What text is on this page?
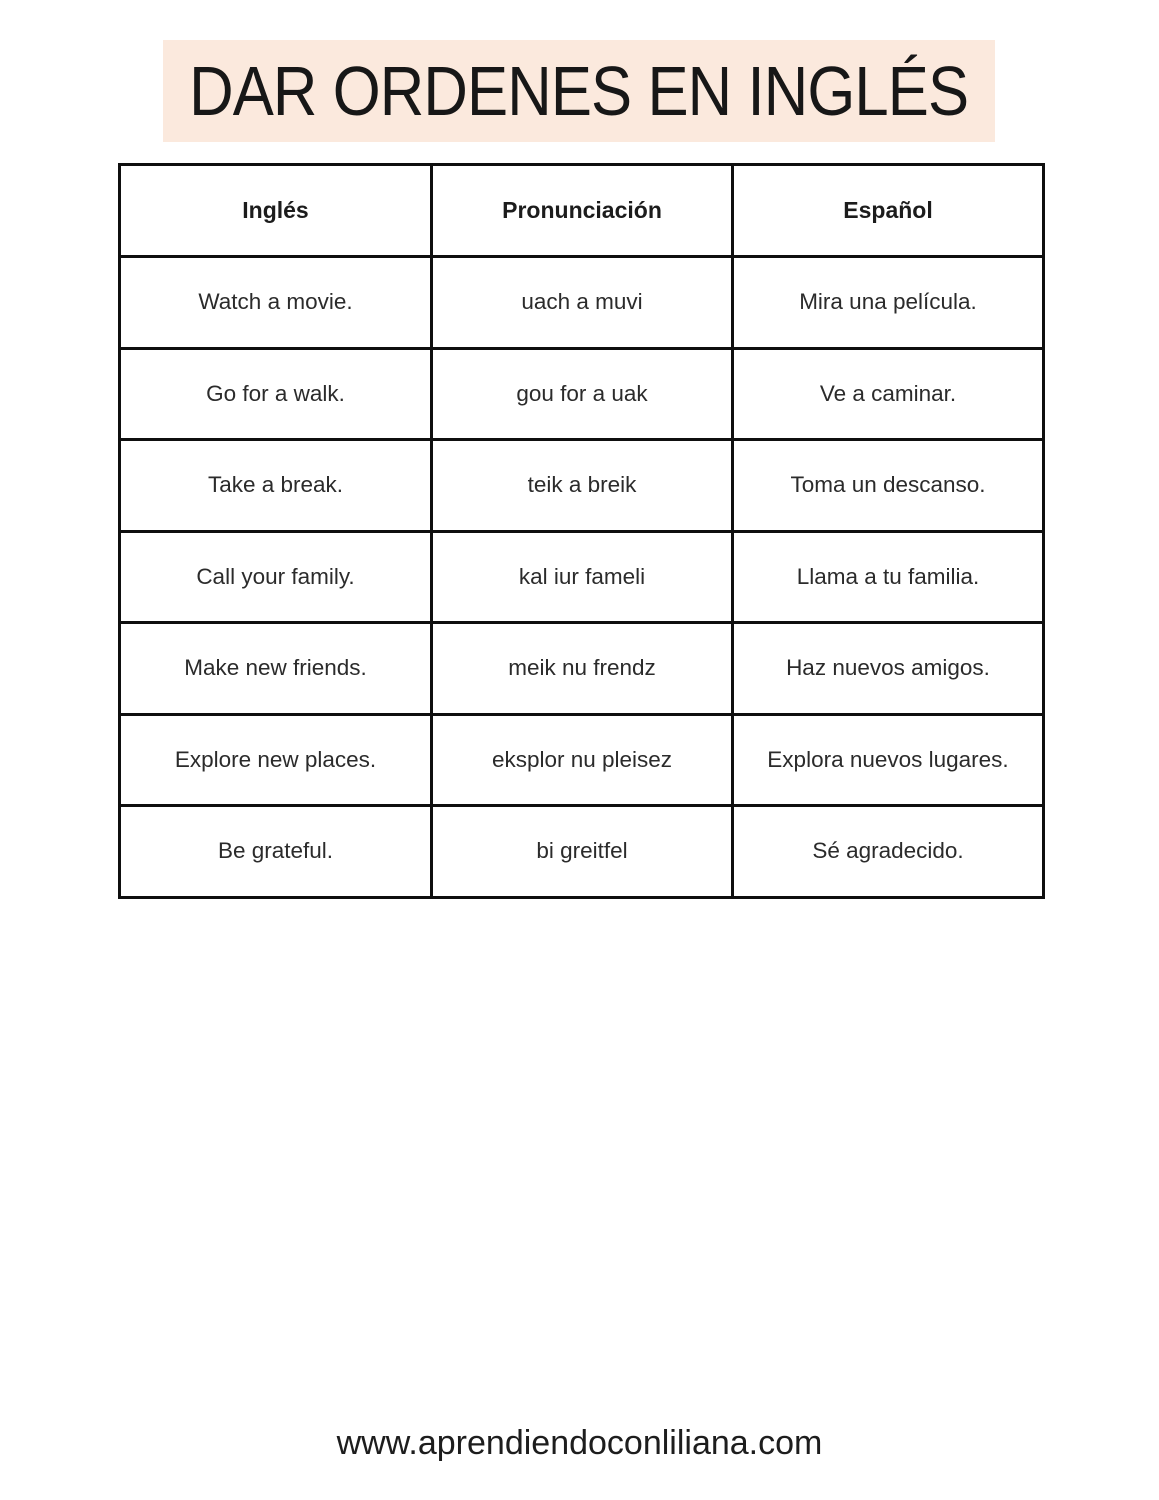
DAR ORDENES EN INGLÉS
Inglés	Pronunciación	Español
Watch a movie.	uach a muvi	Mira una película.
Go for a walk.	gou for a uak	Ve a caminar.
Take a break.	teik a breik	Toma un descanso.
Call your family.	kal iur fameli	Llama a tu familia.
Make new friends.	meik nu frendz	Haz nuevos amigos.
Explore new places.	eksplor nu pleisez	Explora nuevos lugares.
Be grateful.	bi greitfel	Sé agradecido.
www.aprendiendoconliliana.com
